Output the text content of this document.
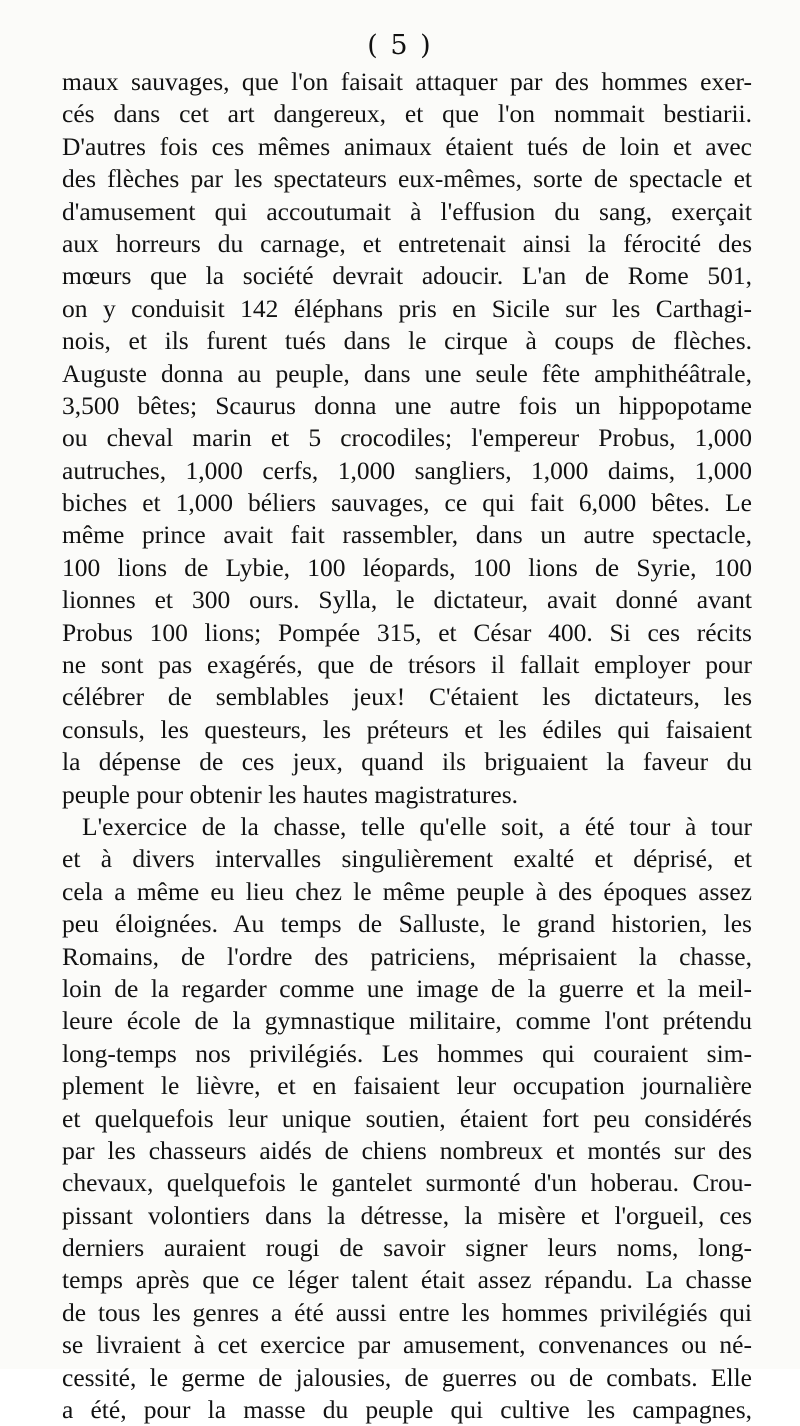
( 5 )
maux sauvages, que l'on faisait attaquer par des hommes exer-
cés dans cet art dangereux, et que l'on nommait bestiarii.
D'autres fois ces mêmes animaux étaient tués de loin et avec
des flèches par les spectateurs eux-mêmes, sorte de spectacle et
d'amusement qui accoutumait à l'effusion du sang, exerçait
aux horreurs du carnage, et entretenait ainsi la férocité des
mœurs que la société devrait adoucir. L'an de Rome 501,
on y conduisit 142 éléphans pris en Sicile sur les Carthagi-
nois, et ils furent tués dans le cirque à coups de flèches.
Auguste donna au peuple, dans une seule fête amphithéâtrale,
3,500 bêtes; Scaurus donna une autre fois un hippopotame
ou cheval marin et 5 crocodiles; l'empereur Probus, 1,000
autruches, 1,000 cerfs, 1,000 sangliers, 1,000 daims, 1,000
biches et 1,000 béliers sauvages, ce qui fait 6,000 bêtes. Le
même prince avait fait rassembler, dans un autre spectacle,
100 lions de Lybie, 100 léopards, 100 lions de Syrie, 100
lionnes et 300 ours. Sylla, le dictateur, avait donné avant
Probus 100 lions; Pompée 315, et César 400. Si ces récits
ne sont pas exagérés, que de trésors il fallait employer pour
célébrer de semblables jeux! C'étaient les dictateurs, les
consuls, les questeurs, les préteurs et les édiles qui faisaient
la dépense de ces jeux, quand ils briguaient la faveur du
peuple pour obtenir les hautes magistratures.
L'exercice de la chasse, telle qu'elle soit, a été tour à tour
et à divers intervalles singulièrement exalté et déprisé, et
cela a même eu lieu chez le même peuple à des époques assez
peu éloignées. Au temps de Salluste, le grand historien, les
Romains, de l'ordre des patriciens, méprisaient la chasse,
loin de la regarder comme une image de la guerre et la meil-
leure école de la gymnastique militaire, comme l'ont prétendu
long-temps nos privilégiés. Les hommes qui couraient sim-
plement le lièvre, et en faisaient leur occupation journalière
et quelquefois leur unique soutien, étaient fort peu considérés
par les chasseurs aidés de chiens nombreux et montés sur des
chevaux, quelquefois le gantelet surmonté d'un hoberau. Crou-
pissant volontiers dans la détresse, la misère et l'orgueil, ces
derniers auraient rougi de savoir signer leurs noms, long-
temps après que ce léger talent était assez répandu. La chasse
de tous les genres a été aussi entre les hommes privilégiés qui
se livraient à cet exercice par amusement, convenances ou né-
cessité, le germe de jalousies, de guerres ou de combats. Elle
a été, pour la masse du peuple qui cultive les campagnes,
